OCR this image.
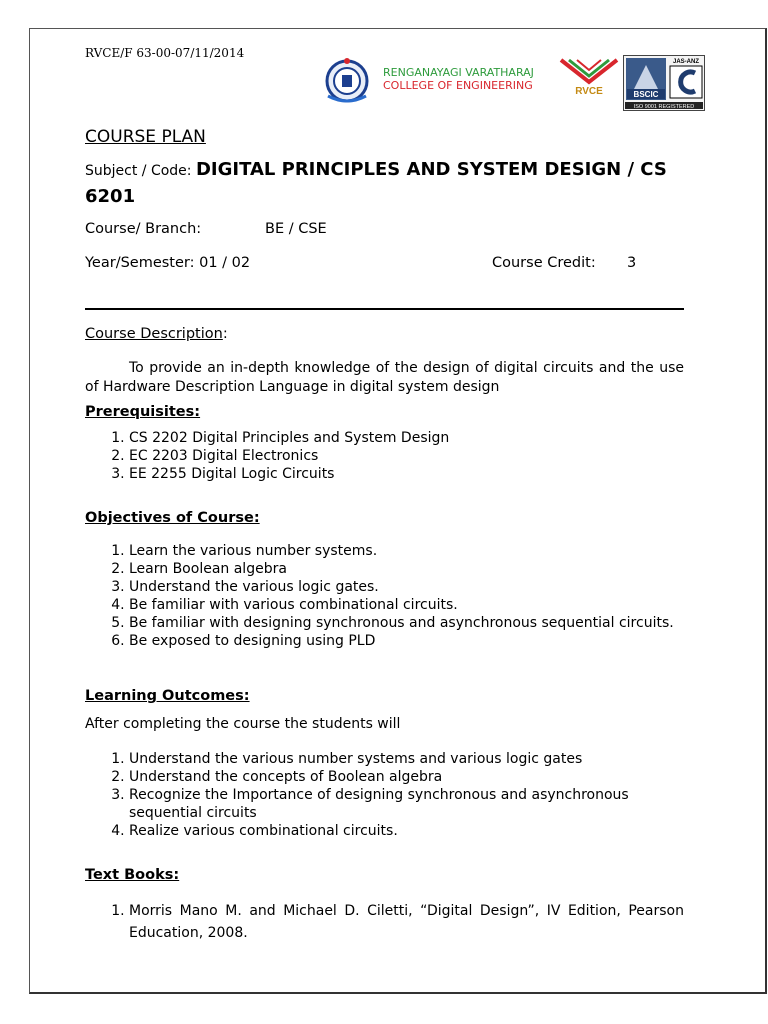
RVCE/F 63-00-07/11/2014
RENGANAYAGI VARATHARAJ
COLLEGE OF ENGINEERING	RVCE	BSCIC
JAS-ANZ
ISO 9001 REGISTERED
COURSE PLAN
Subject / Code: DIGITAL PRINCIPLES AND SYSTEM DESIGN / CS 6201
Course/ Branch:	BE / CSE
Year/Semester: 01 / 02	Course Credit: 3
Course Description:
To provide an in-depth knowledge of the design of digital circuits and the use of Hardware Description Language in digital system design
Prerequisites:
1. CS 2202 Digital Principles and System Design
2. EC 2203 Digital Electronics
3. EE 2255 Digital Logic Circuits
Objectives of Course:
1. Learn the various number systems.
2. Learn Boolean algebra
3. Understand the various logic gates.
4. Be familiar with various combinational circuits.
5. Be familiar with designing synchronous and asynchronous sequential circuits.
6. Be exposed to designing using PLD
Learning Outcomes:
After completing the course the students will
1. Understand the various number systems and various logic gates
2. Understand the concepts of Boolean algebra
3. Recognize the Importance of designing synchronous and asynchronous sequential circuits
4. Realize various combinational circuits.
Text Books:
1. Morris Mano M. and Michael D. Ciletti, “Digital Design”, IV Edition, Pearson Education, 2008.
